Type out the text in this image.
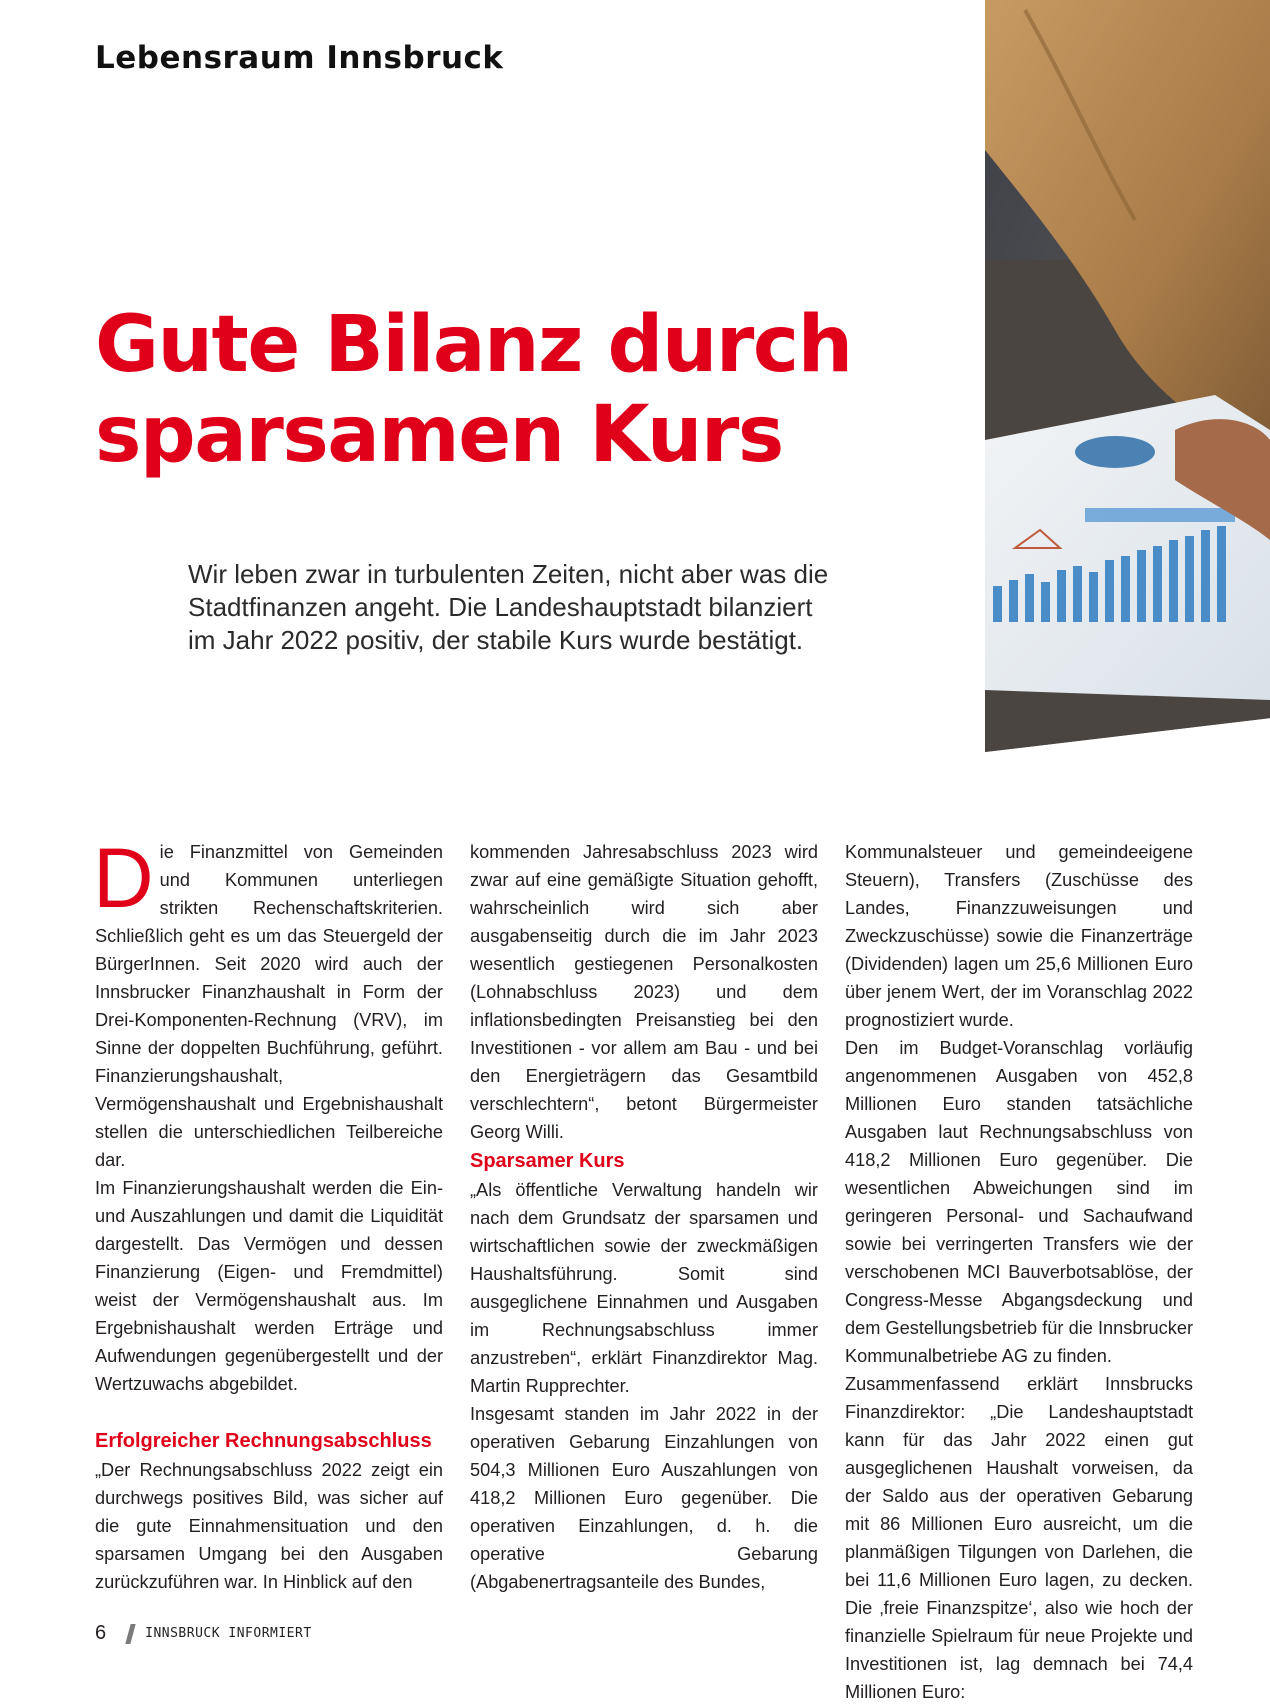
Lebensraum Innsbruck
Gute Bilanz durch
sparsamen Kurs
Wir leben zwar in turbulenten Zeiten, nicht aber was die
Stadtfinanzen angeht. Die Landeshauptstadt bilanziert
im Jahr 2022 positiv, der stabile Kurs wurde bestätigt.

Die Finanzmittel von Gemeinden und Kommunen unterliegen strikten Rechenschaftskriterien. Schließlich geht es um das Steuergeld der BürgerInnen. Seit 2020 wird auch der Innsbrucker Finanzhaushalt in Form der Drei-Komponenten-Rechnung (VRV), im Sinne der doppelten Buchführung, geführt. Finanzierungshaushalt, Vermögenshaushalt und Ergebnishaushalt stellen die unterschiedlichen Teilbereiche dar.

Im Finanzierungshaushalt werden die Ein- und Auszahlungen und damit die Liquidität dargestellt. Das Vermögen und dessen Finanzierung (Eigen- und Fremdmittel) weist der Vermögenshaushalt aus. Im Ergebnishaushalt werden Erträge und Aufwendungen gegenübergestellt und der Wertzuwachs abgebildet.

Erfolgreicher Rechnungsabschluss

„Der Rechnungsabschluss 2022 zeigt ein durchwegs positives Bild, was sicher auf die gute Einnahmensituation und den sparsamen Umgang bei den Ausgaben zurückzuführen war. In Hinblick auf den

kommenden Jahresabschluss 2023 wird zwar auf eine gemäßigte Situation gehofft, wahrscheinlich wird sich aber ausgabenseitig durch die im Jahr 2023 wesentlich gestiegenen Personalkosten (Lohnabschluss 2023) und dem inflationsbedingten Preisanstieg bei den Investitionen - vor allem am Bau - und bei den Energieträgern das Gesamtbild verschlechtern“, betont Bürgermeister Georg Willi.

Sparsamer Kurs

„Als öffentliche Verwaltung handeln wir nach dem Grundsatz der sparsamen und wirtschaftlichen sowie der zweckmäßigen Haushaltsführung. Somit sind ausgeglichene Einnahmen und Ausgaben im Rechnungsabschluss immer anzustreben“, erklärt Finanzdirektor Mag. Martin Rupprechter.

Insgesamt standen im Jahr 2022 in der operativen Gebarung Einzahlungen von 504,3 Millionen Euro Auszahlungen von 418,2 Millionen Euro gegenüber. Die operativen Einzahlungen, d. h. die operative Gebarung (Abgabenertragsanteile des Bundes,

Kommunalsteuer und gemeindeeigene Steuern), Transfers (Zuschüsse des Landes, Finanzzuweisungen und Zweckzuschüsse) sowie die Finanzerträge (Dividenden) lagen um 25,6 Millionen Euro über jenem Wert, der im Voranschlag 2022 prognostiziert wurde.

Den im Budget-Voranschlag vorläufig angenommenen Ausgaben von 452,8 Millionen Euro standen tatsächliche Ausgaben laut Rechnungsabschluss von 418,2 Millionen Euro gegenüber. Die wesentlichen Abweichungen sind im geringeren Personal- und Sachaufwand sowie bei verringerten Transfers wie der verschobenen MCI Bauverbotsablöse, der Congress-Messe Abgangsdeckung und dem Gestellungsbetrieb für die Innsbrucker Kommunalbetriebe AG zu finden.

Zusammenfassend erklärt Innsbrucks Finanzdirektor: „Die Landeshauptstadt kann für das Jahr 2022 einen gut ausgeglichenen Haushalt vorweisen, da der Saldo aus der operativen Gebarung mit 86 Millionen Euro ausreicht, um die planmäßigen Tilgungen von Darlehen, die bei 11,6 Millionen Euro lagen, zu decken. Die ‚freie Finanzspitze‘, also wie hoch der finanzielle Spielraum für neue Projekte und Investitionen ist, lag demnach bei 74,4 Millionen Euro:

6	INNSBRUCK INFORMIERT
